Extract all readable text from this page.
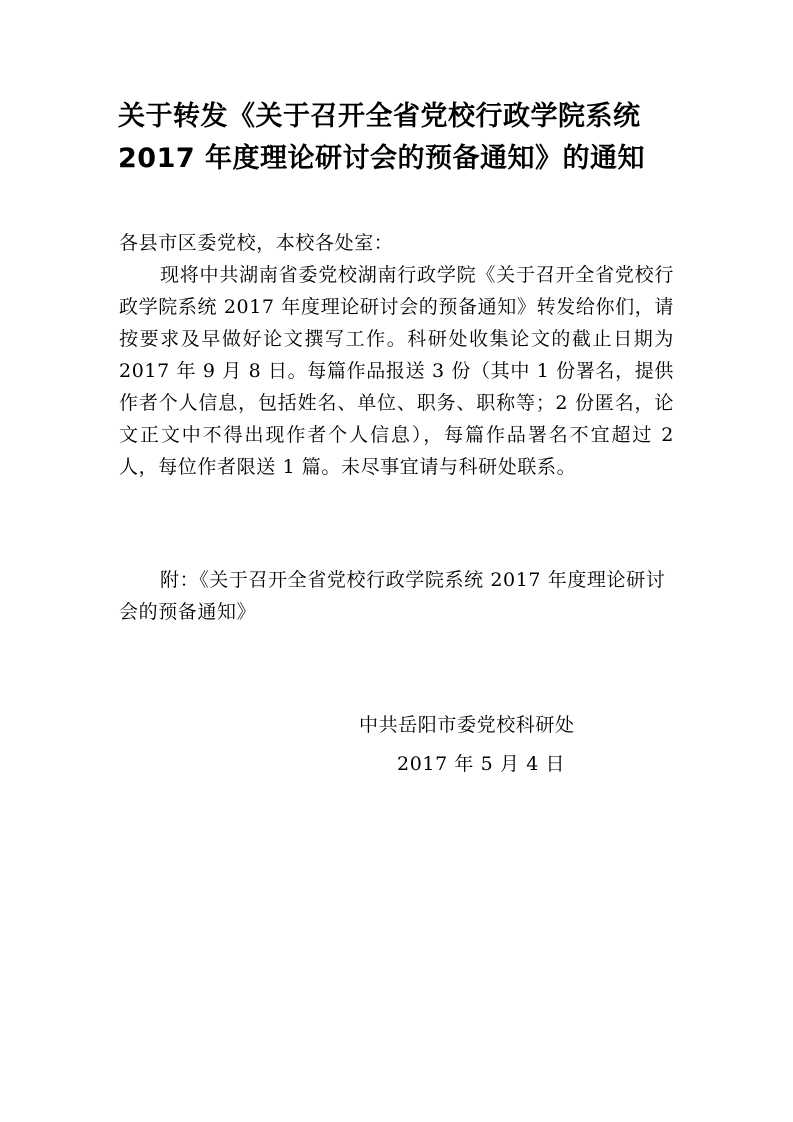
关于转发《关于召开全省党校行政学院系统
2017 年度理论研讨会的预备通知》的通知

各县市区委党校，本校各处室：

现将中共湖南省委党校湖南行政学院《关于召开全省党校行政学院系统 2017 年度理论研讨会的预备通知》转发给你们，请按要求及早做好论文撰写工作。科研处收集论文的截止日期为 2017 年 9 月 8 日。每篇作品报送 3 份（其中 1 份署名，提供作者个人信息，包括姓名、单位、职务、职称等；2 份匿名，论文正文中不得出现作者个人信息），每篇作品署名不宜超过 2 人，每位作者限送 1 篇。未尽事宜请与科研处联系。

附：《关于召开全省党校行政学院系统 2017 年度理论研讨会的预备通知》

中共岳阳市委党校科研处
2017 年 5 月 4 日
